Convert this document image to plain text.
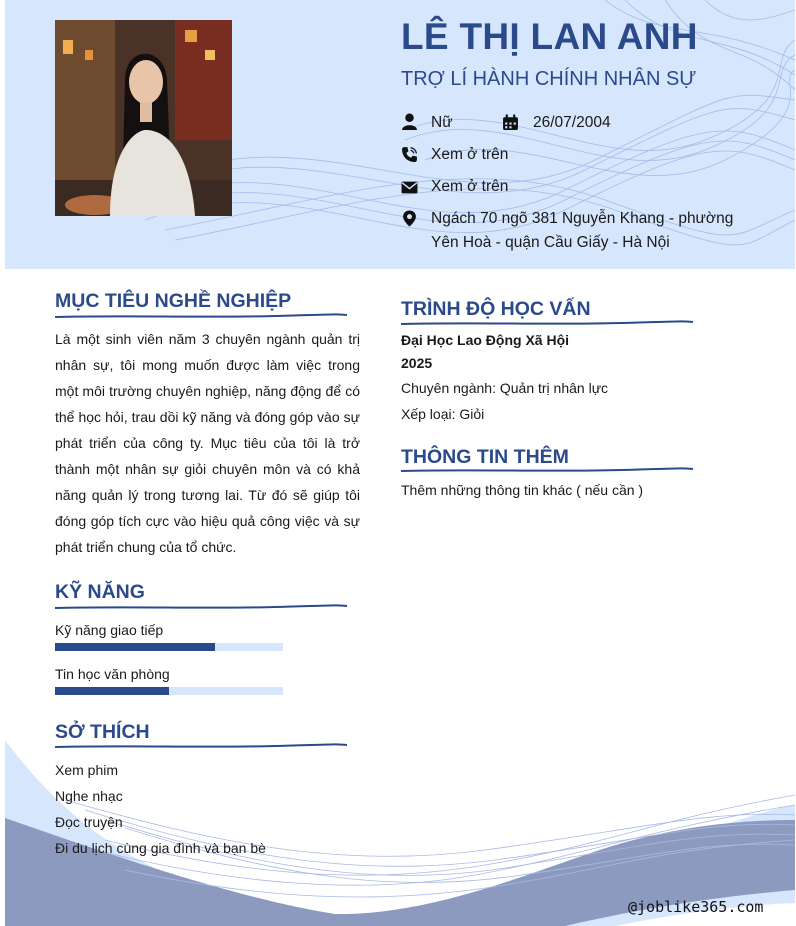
LÊ THỊ LAN ANH
TRỢ LÍ HÀNH CHÍNH NHÂN SỰ
Nữ	26/07/2004
Xem ở trên
Xem ở trên
Ngách 70 ngõ 381 Nguyễn Khang - phường
Yên Hoà - quận Cầu Giấy - Hà Nội
MỤC TIÊU NGHỀ NGHIỆP
Là một sinh viên năm 3 chuyên ngành quản trị
nhân sự, tôi mong muốn được làm việc trong
một môi trường chuyên nghiệp, năng động để có
thể học hỏi, trau dồi kỹ năng và đóng góp vào sự
phát triển của công ty. Mục tiêu của tôi là trở
thành một nhân sự giỏi chuyên môn và có khả
năng quản lý trong tương lai. Từ đó sẽ giúp tôi
đóng góp tích cực vào hiệu quả công việc và sự
phát triển chung của tổ chức.
KỸ NĂNG
Kỹ năng giao tiếp
Tin học văn phòng
SỞ THÍCH
Xem phim
Nghe nhạc
Đọc truyện
Đi du lịch cùng gia đình và bạn bè
TRÌNH ĐỘ HỌC VẤN
Đại Học Lao Động Xã Hội
2025
Chuyên ngành: Quản trị nhân lực
Xếp loại: Giỏi
THÔNG TIN THÊM
Thêm những thông tin khác ( nếu cần )
@joblike365.com
